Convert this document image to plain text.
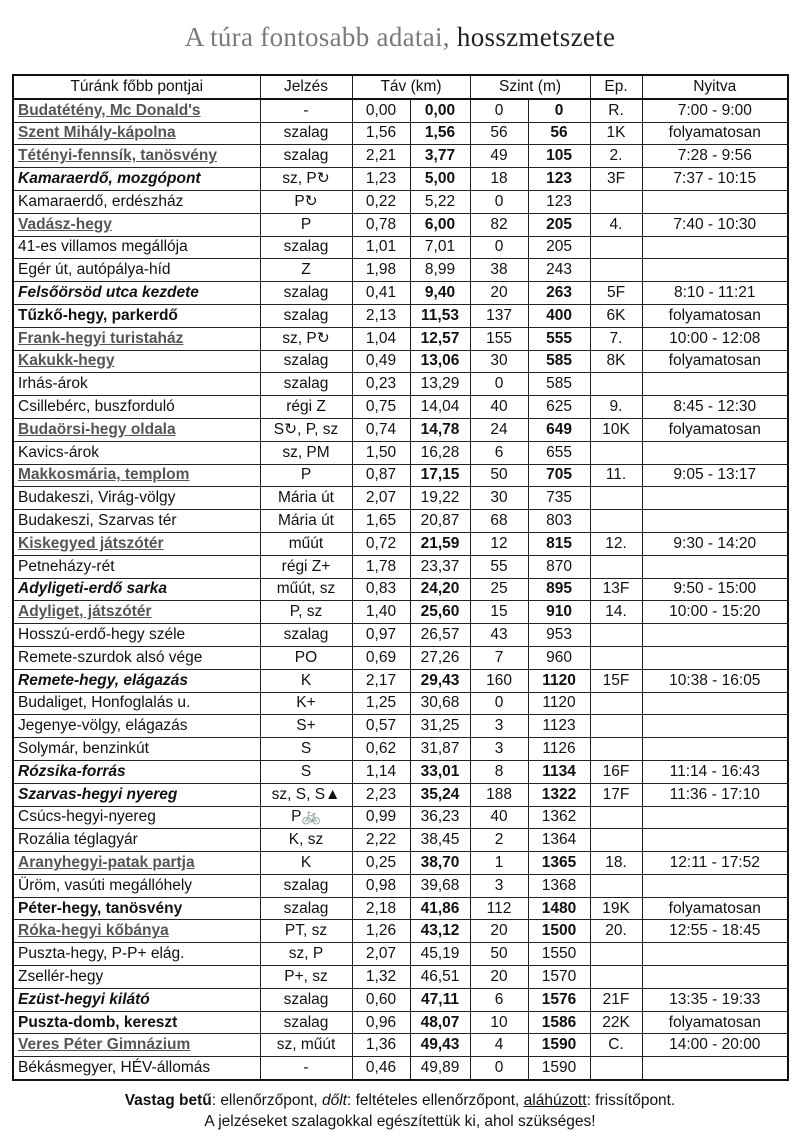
A túra fontosabb adatai, hosszmetszete
Túránk főbb pontjai	Jelzés	Táv (km)		Szint (m)		Ep.	Nyitva
Budatétény, Mc Donald's	-	0,00	0,00	0	0	R.	7:00 - 9:00
Szent Mihály-kápolna	szalag	1,56	1,56	56	56	1K	folyamatosan
Tétényi-fennsík, tanösvény	szalag	2,21	3,77	49	105	2.	7:28 - 9:56
Kamaraerdő, mozgópont	sz, P↻	1,23	5,00	18	123	3F	7:37 - 10:15
Kamaraerdő, erdészház	P↻	0,22	5,22	0	123		
Vadász-hegy	P	0,78	6,00	82	205	4.	7:40 - 10:30
41-es villamos megállója	szalag	1,01	7,01	0	205		
Egér út, autópálya-híd	Z	1,98	8,99	38	243		
Felsőörsöd utca kezdete	szalag	0,41	9,40	20	263	5F	8:10 - 11:21
Tűzkő-hegy, parkerdő	szalag	2,13	11,53	137	400	6K	folyamatosan
Frank-hegyi turistaház	sz, P↻	1,04	12,57	155	555	7.	10:00 - 12:08
Kakukk-hegy	szalag	0,49	13,06	30	585	8K	folyamatosan
Irhás-árok	szalag	0,23	13,29	0	585		
Csillebérc, buszforduló	régi Z	0,75	14,04	40	625	9.	8:45 - 12:30
Budaörsi-hegy oldala	S↻, P, sz	0,74	14,78	24	649	10K	folyamatosan
Kavics-árok	sz, PM	1,50	16,28	6	655		
Makkosmária, templom	P	0,87	17,15	50	705	11.	9:05 - 13:17
Budakeszi, Virág-völgy	Mária út	2,07	19,22	30	735		
Budakeszi, Szarvas tér	Mária út	1,65	20,87	68	803		
Kiskegyed játszótér	műút	0,72	21,59	12	815	12.	9:30 - 14:20
Petneházy-rét	régi Z+	1,78	23,37	55	870		
Adyligeti-erdő sarka	műút, sz	0,83	24,20	25	895	13F	9:50 - 15:00
Adyliget, játszótér	P, sz	1,40	25,60	15	910	14.	10:00 - 15:20
Hosszú-erdő-hegy széle	szalag	0,97	26,57	43	953		
Remete-szurdok alsó vége	PO	0,69	27,26	7	960		
Remete-hegy, elágazás	K	2,17	29,43	160	1120	15F	10:38 - 16:05
Budaliget, Honfoglalás u.	K+	1,25	30,68	0	1120		
Jegenye-völgy, elágazás	S+	0,57	31,25	3	1123		
Solymár, benzinkút	S	0,62	31,87	3	1126		
Rózsika-forrás	S	1,14	33,01	8	1134	16F	11:14 - 16:43
Szarvas-hegyi nyereg	sz, S, S▲	2,23	35,24	188	1322	17F	11:36 - 17:10
Csúcs-hegyi-nyereg	P🚲	0,99	36,23	40	1362		
Rozália téglagyár	K, sz	2,22	38,45	2	1364		
Aranyhegyi-patak partja	K	0,25	38,70	1	1365	18.	12:11 - 17:52
Üröm, vasúti megállóhely	szalag	0,98	39,68	3	1368		
Péter-hegy, tanösvény	szalag	2,18	41,86	112	1480	19K	folyamatosan
Róka-hegyi kőbánya	PT, sz	1,26	43,12	20	1500	20.	12:55 - 18:45
Puszta-hegy, P-P+ elág.	sz, P	2,07	45,19	50	1550		
Zsellér-hegy	P+, sz	1,32	46,51	20	1570		
Ezüst-hegyi kilátó	szalag	0,60	47,11	6	1576	21F	13:35 - 19:33
Puszta-domb, kereszt	szalag	0,96	48,07	10	1586	22K	folyamatosan
Veres Péter Gimnázium	sz, műút	1,36	49,43	4	1590	C.	14:00 - 20:00
Békásmegyer, HÉV-állomás	-	0,46	49,89	0	1590		
Vastag betű: ellenőrzőpont, dőlt: feltételes ellenőrzőpont, aláhúzott: frissítőpont.
A jelzéseket szalagokkal egészítettük ki, ahol szükséges!
